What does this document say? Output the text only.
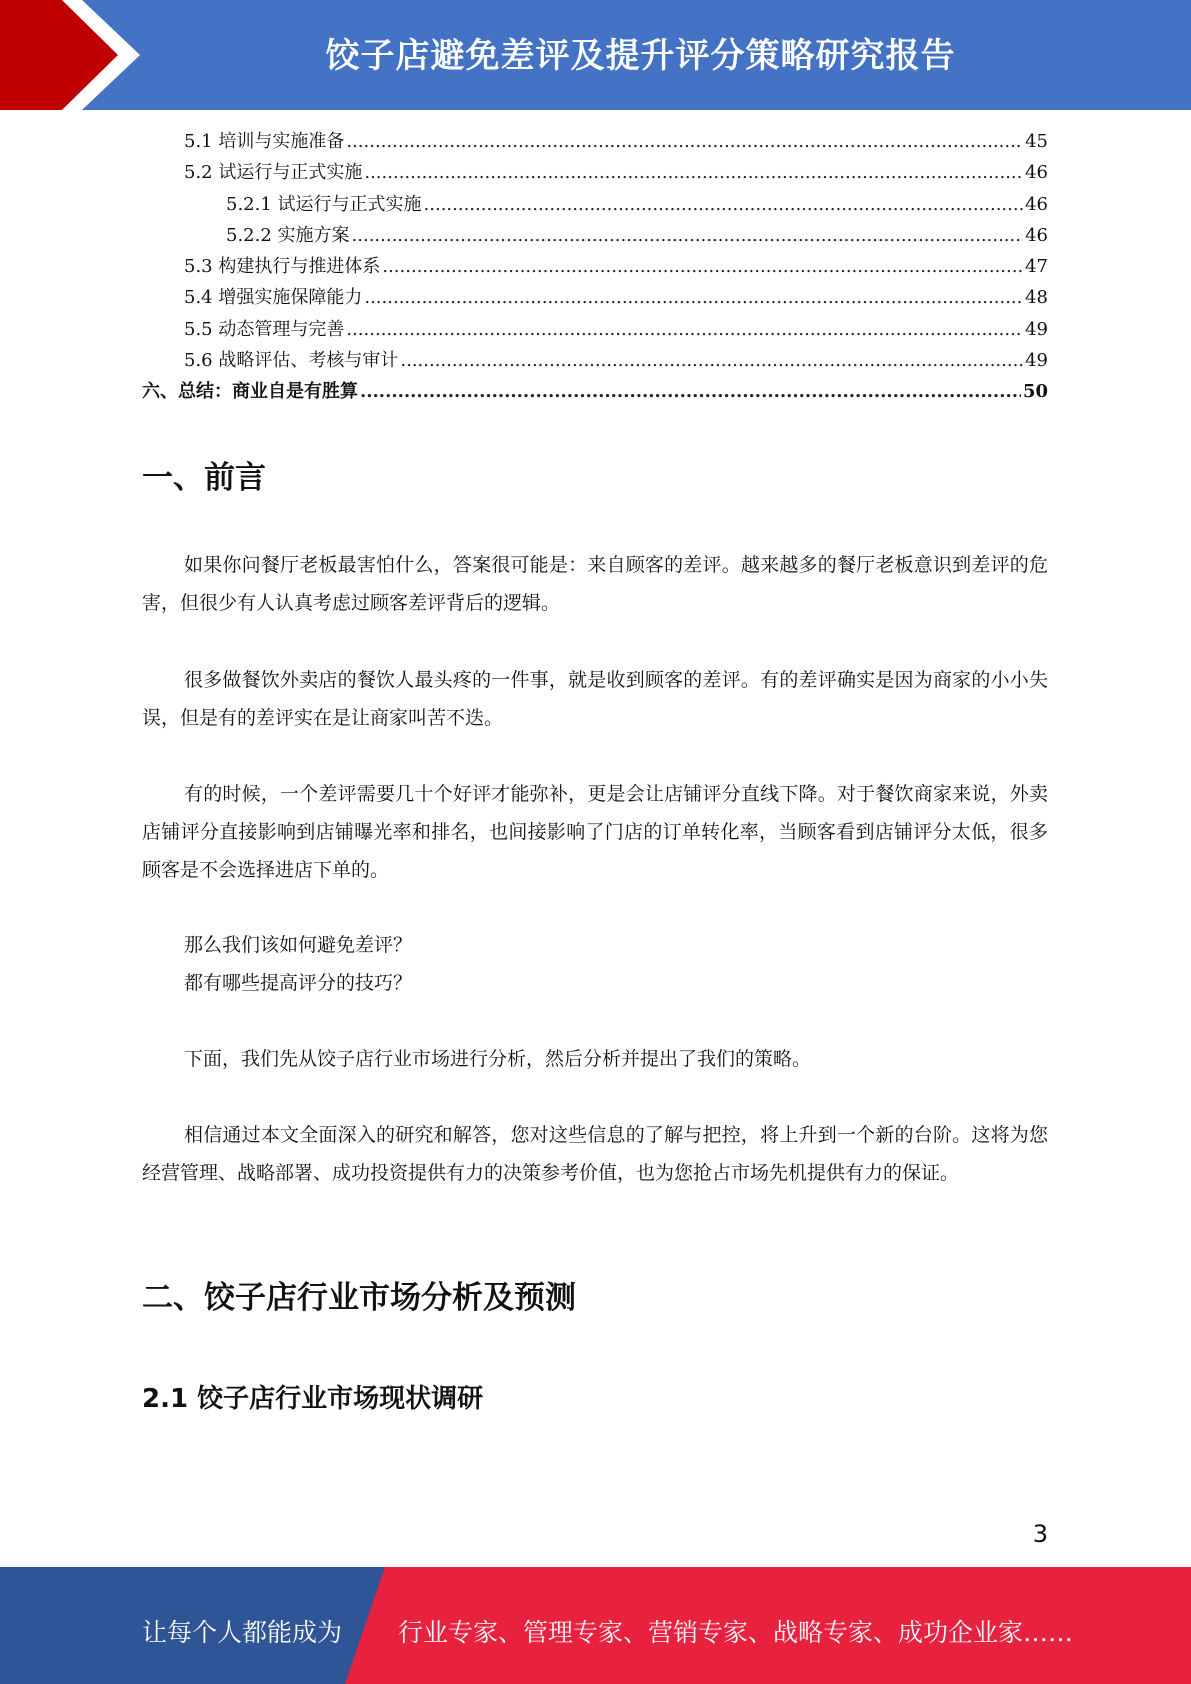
饺子店避免差评及提升评分策略研究报告
5.1 培训与实施准备 .....	45
5.2 试运行与正式实施 .....	46
5.2.1 试运行与正式实施 .....	46
5.2.2 实施方案 .....	46
5.3 构建执行与推进体系 .....	47
5.4 增强实施保障能力 .....	48
5.5 动态管理与完善 .....	49
5.6 战略评估、考核与审计 .....	49
六、总结：商业自是有胜算 .....	50
一、前言
如果你问餐厅老板最害怕什么，答案很可能是：来自顾客的差评。越来越多的餐厅老板意识到差评的危害，但很少有人认真考虑过顾客差评背后的逻辑。
很多做餐饮外卖店的餐饮人最头疼的一件事，就是收到顾客的差评。有的差评确实是因为商家的小小失误，但是有的差评实在是让商家叫苦不迭。
有的时候，一个差评需要几十个好评才能弥补，更是会让店铺评分直线下降。对于餐饮商家来说，外卖店铺评分直接影响到店铺曝光率和排名，也间接影响了门店的订单转化率，当顾客看到店铺评分太低，很多顾客是不会选择进店下单的。
那么我们该如何避免差评？
都有哪些提高评分的技巧？
下面，我们先从饺子店行业市场进行分析，然后分析并提出了我们的策略。
相信通过本文全面深入的研究和解答，您对这些信息的了解与把控，将上升到一个新的台阶。这将为您经营管理、战略部署、成功投资提供有力的决策参考价值，也为您抢占市场先机提供有力的保证。
二、饺子店行业市场分析及预测
2.1 饺子店行业市场现状调研
3
让每个人都能成为 行业专家、管理专家、营销专家、战略专家、成功企业家……
